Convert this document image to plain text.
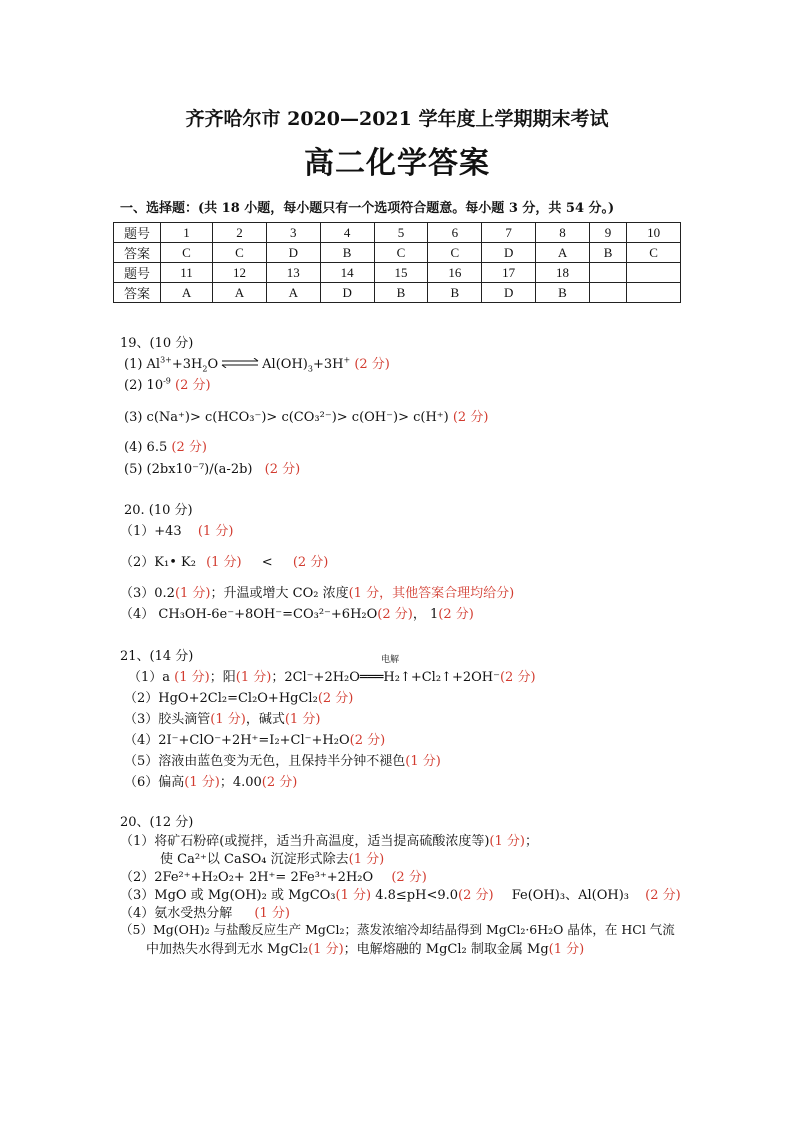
齐齐哈尔市 2020—2021 学年度上学期期末考试
高二化学答案
一、选择题：(共 18 小题，每小题只有一个选项符合题意。每小题 3 分，共 54 分。)
题号	1	2	3	4	5	6	7	8	9	10
答案	C	C	D	B	C	C	D	A	B	C
题号	11	12	13	14	15	16	17	18		
答案	A	A	A	D	B	B	D	B		
19、(10 分)
(1) $Al^{3+}+3H_2O$ ⇌ $Al(OH)_3+3H^+$ (2 分)
(2) $10^{-9}$ (2 分)
(3) c(Na⁺)> c(HCO₃⁻)> c(CO₃²⁻)> c(OH⁻)> c(H⁺) (2 分)
(4) 6.5 (2 分)
(5) (2bx10⁻⁷)/(a-2b) (2 分)
20. (10 分)
（1）+43 (1 分)
（2）K₁• K₂ (1 分) < (2 分)
（3）0.2(1 分)；升温或增大 CO₂ 浓度(1 分，其他答案合理均给分)
（4） CH₃OH-6e⁻+8OH⁻=CO₃²⁻+6H₂O(2 分)， 1(2 分)
21、(14 分)	电解
（1）a (1 分)；阳(1 分)；2Cl⁻+2H₂O═══H₂↑+Cl₂↑+2OH⁻(2 分)
（2）HgO+2Cl₂=Cl₂O+HgCl₂(2 分)
（3）胶头滴管(1 分)，碱式(1 分)
（4）2I⁻+ClO⁻+2H⁺=I₂+Cl⁻+H₂O(2 分)
（5）溶液由蓝色变为无色，且保持半分钟不褪色(1 分)
（6）偏高(1 分)；4.00(2 分)
20、(12 分)
（1）将矿石粉碎(或搅拌，适当升高温度，适当提高硫酸浓度等)(1 分)；
使 Ca²⁺以 CaSO₄ 沉淀形式除去(1 分)
（2）2Fe²⁺+H₂O₂+ 2H⁺= 2Fe³⁺+2H₂O (2 分)
（3）MgO 或 Mg(OH)₂ 或 MgCO₃(1 分) 4.8≤pH<9.0(2 分) Fe(OH)₃、Al(OH)₃ (2 分)
（4）氨水受热分解 (1 分)
（5）Mg(OH)₂ 与盐酸反应生产 MgCl₂；蒸发浓缩冷却结晶得到 MgCl₂·6H₂O 晶体，在 HCl 气流
中加热失水得到无水 MgCl₂(1 分)；电解熔融的 MgCl₂ 制取金属 Mg(1 分)
